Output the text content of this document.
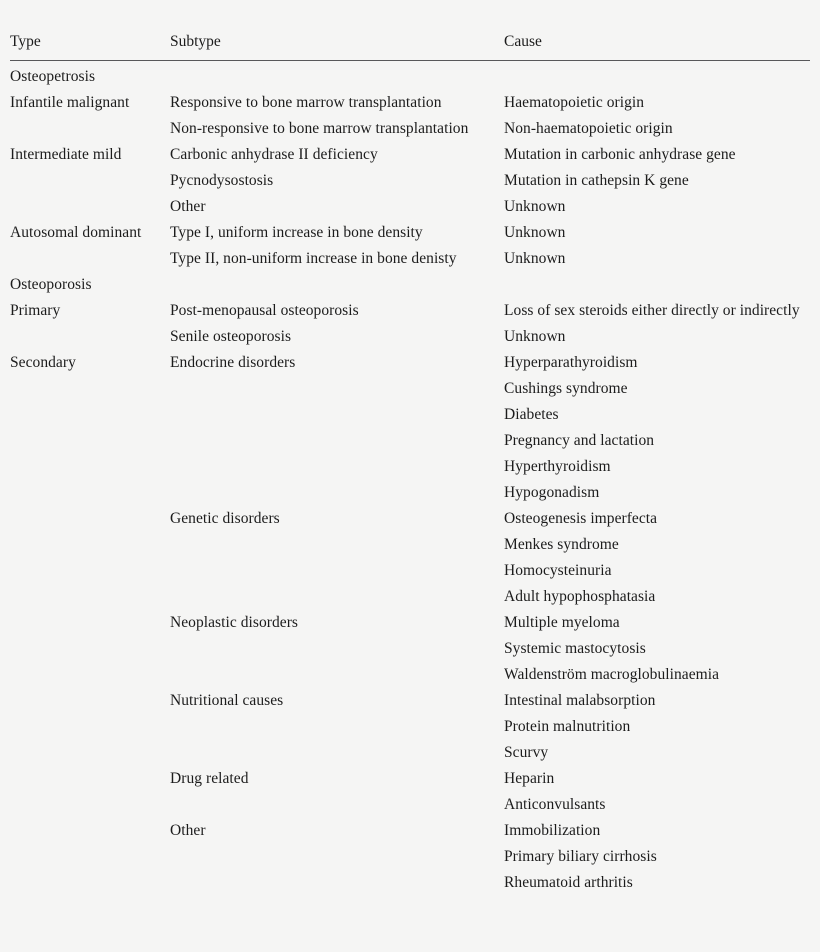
Type	Subtype	Cause
Osteopetrosis		
Infantile malignant	Responsive to bone marrow transplantation	Haematopoietic origin
	Non-responsive to bone marrow transplantation	Non-haematopoietic origin
Intermediate mild	Carbonic anhydrase II deficiency	Mutation in carbonic anhydrase gene
	Pycnodysostosis	Mutation in cathepsin K gene
	Other	Unknown
Autosomal dominant	Type I, uniform increase in bone density	Unknown
	Type II, non-uniform increase in bone denisty	Unknown
Osteoporosis		
Primary	Post-menopausal osteoporosis	Loss of sex steroids either directly or indirectly
	Senile osteoporosis	Unknown
Secondary	Endocrine disorders	Hyperparathyroidism
		Cushings syndrome
		Diabetes
		Pregnancy and lactation
		Hyperthyroidism
		Hypogonadism
	Genetic disorders	Osteogenesis imperfecta
		Menkes syndrome
		Homocysteinuria
		Adult hypophosphatasia
	Neoplastic disorders	Multiple myeloma
		Systemic mastocytosis
		Waldenström macroglobulinaemia
	Nutritional causes	Intestinal malabsorption
		Protein malnutrition
		Scurvy
	Drug related	Heparin
		Anticonvulsants
	Other	Immobilization
		Primary biliary cirrhosis
		Rheumatoid arthritis
